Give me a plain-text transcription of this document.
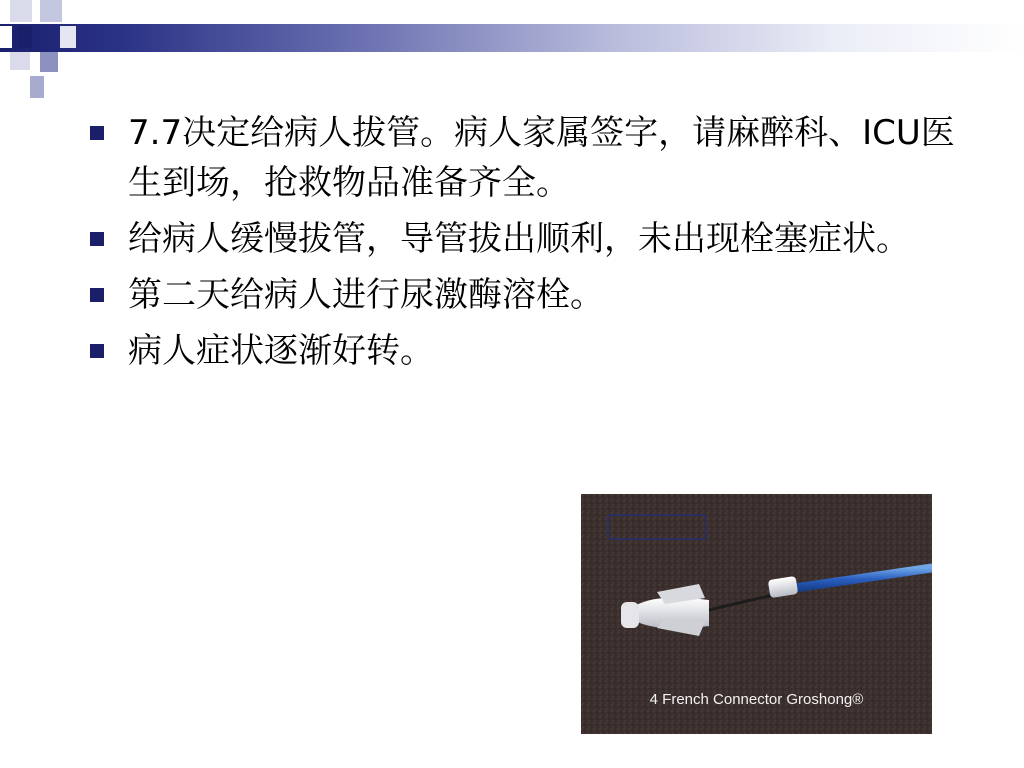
7.7决定给病人拔管。病人家属签字，请麻醉科、ICU医生到场，抢救物品准备齐全。
给病人缓慢拔管，导管拔出顺利，未出现栓塞症状。
第二天给病人进行尿激酶溶栓。
病人症状逐渐好转。
4 French Connector Groshong®
